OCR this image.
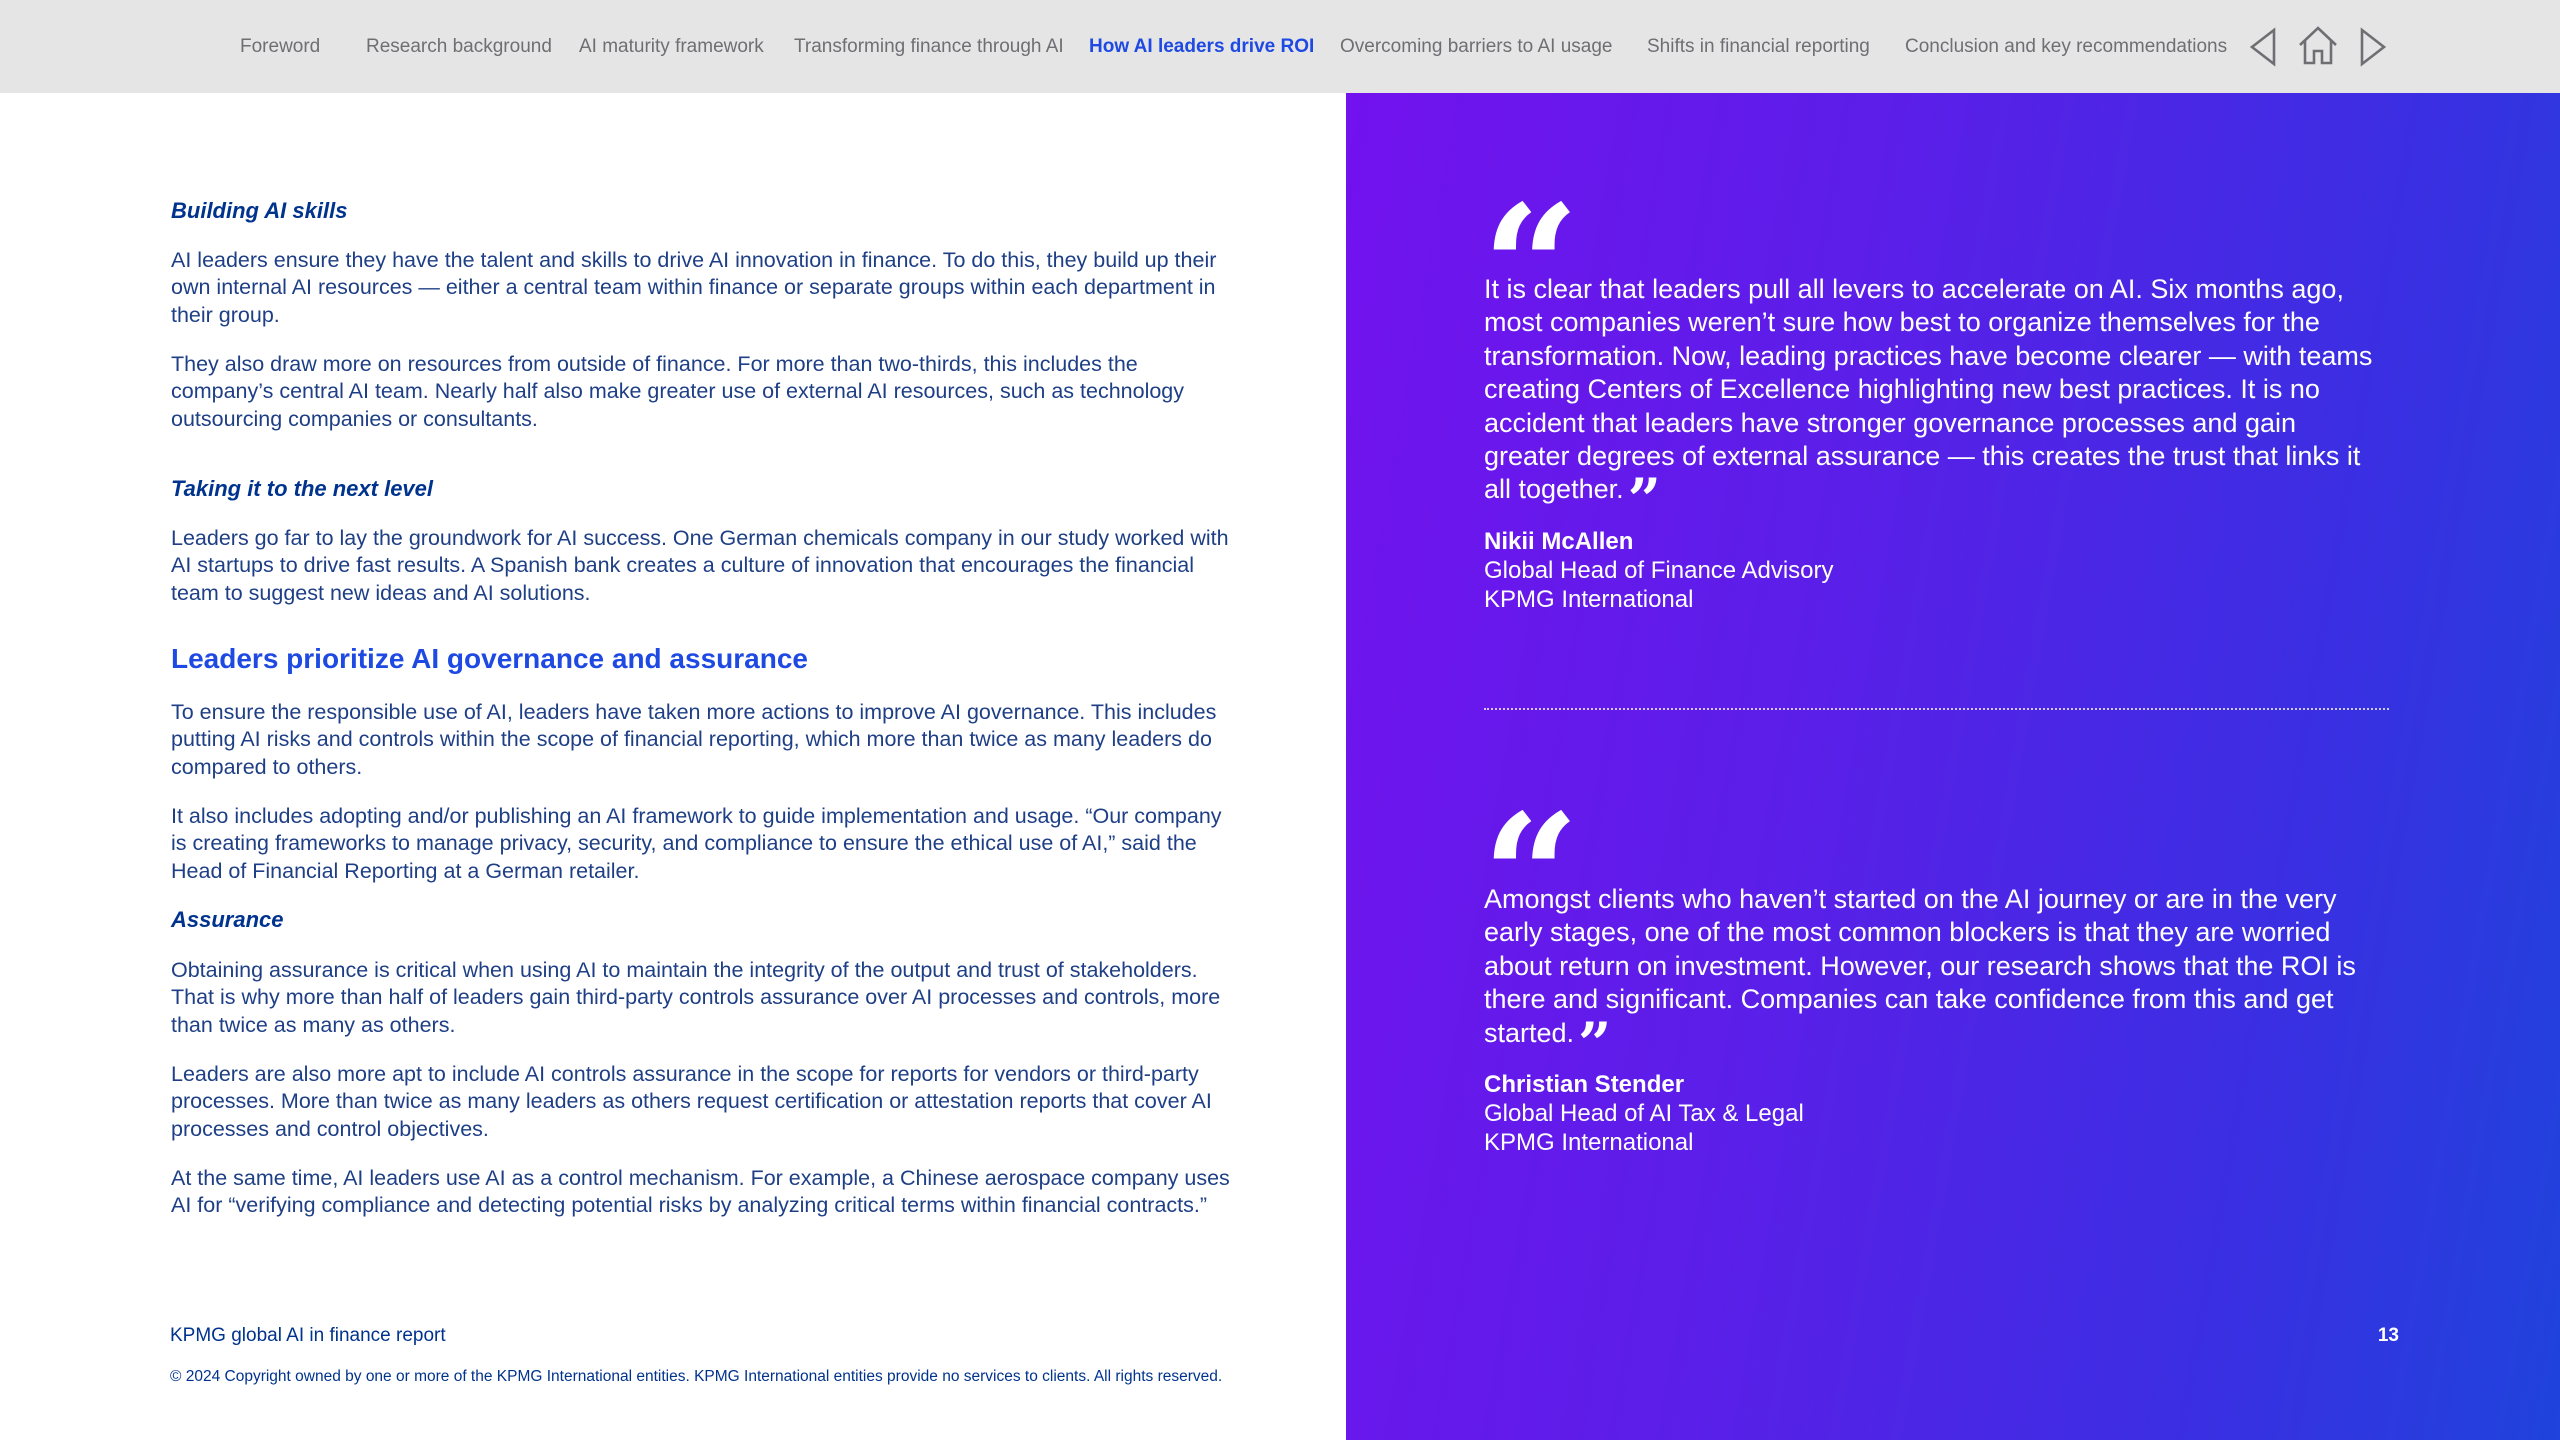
Foreword Research background AI maturity framework Transforming finance through AI How AI leaders drive ROI Overcoming barriers to AI usage Shifts in financial reporting Conclusion and key recommendations
Building AI skills
AI leaders ensure they have the talent and skills to drive AI innovation in finance. To do this, they build up their own internal AI resources — either a central team within finance or separate groups within each department in their group.
They also draw more on resources from outside of finance. For more than two-thirds, this includes the company’s central AI team. Nearly half also make greater use of external AI resources, such as technology outsourcing companies or consultants.
Taking it to the next level
Leaders go far to lay the groundwork for AI success. One German chemicals company in our study worked with AI startups to drive fast results. A Spanish bank creates a culture of innovation that encourages the financial team to suggest new ideas and AI solutions.
Leaders prioritize AI governance and assurance
To ensure the responsible use of AI, leaders have taken more actions to improve AI governance. This includes putting AI risks and controls within the scope of financial reporting, which more than twice as many leaders do compared to others.
It also includes adopting and/or publishing an AI framework to guide implementation and usage. “Our company is creating frameworks to manage privacy, security, and compliance to ensure the ethical use of AI,” said the Head of Financial Reporting at a German retailer.
Assurance
Obtaining assurance is critical when using AI to maintain the integrity of the output and trust of stakeholders. That is why more than half of leaders gain third-party controls assurance over AI processes and controls, more than twice as many as others.
Leaders are also more apt to include AI controls assurance in the scope for reports for vendors or third-party processes. More than twice as many leaders as others request certification or attestation reports that cover AI processes and control objectives.
At the same time, AI leaders use AI as a control mechanism. For example, a Chinese aerospace company uses AI for “verifying compliance and detecting potential risks by analyzing critical terms within financial contracts.”
KPMG global AI in finance report
© 2024 Copyright owned by one or more of the KPMG International entities. KPMG International entities provide no services to clients. All rights reserved.
“
It is clear that leaders pull all levers to accelerate on AI. Six months ago, most companies weren’t sure how best to organize themselves for the transformation. Now, leading practices have become clearer — with teams creating Centers of Excellence highlighting new best practices. It is no accident that leaders have stronger governance processes and gain greater degrees of external assurance — this creates the trust that links it all together.”
Nikii McAllen
Global Head of Finance Advisory
KPMG International
“
Amongst clients who haven’t started on the AI journey or are in the very early stages, one of the most common blockers is that they are worried about return on investment. However, our research shows that the ROI is there and significant. Companies can take confidence from this and get started.”
Christian Stender
Global Head of AI Tax & Legal
KPMG International
13
